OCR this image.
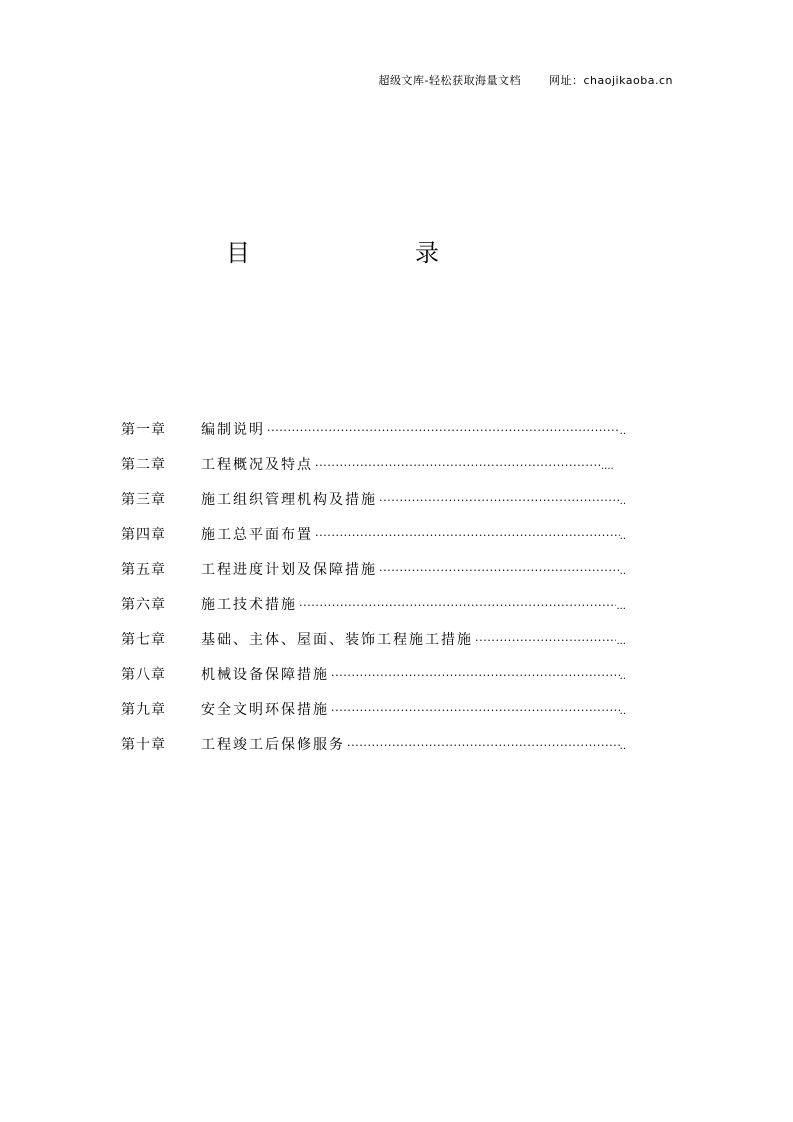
超级文库-轻松获取海量文档	网址：chaojikaoba.cn
目	录
第一章	编制说明 ·····	..
第二章	工程概况及特点 ·····	....
第三章	施工组织管理机构及措施 ·····	..
第四章	施工总平面布置 ·····	..
第五章	工程进度计划及保障措施 ·····	..
第六章	施工技术措施 ·····	...
第七章	基础、主体、屋面、装饰工程施工措施 ·····	...
第八章	机械设备保障措施 ·····	..
第九章	安全文明环保措施 ·····	..
第十章	工程竣工后保修服务 ·····	..
